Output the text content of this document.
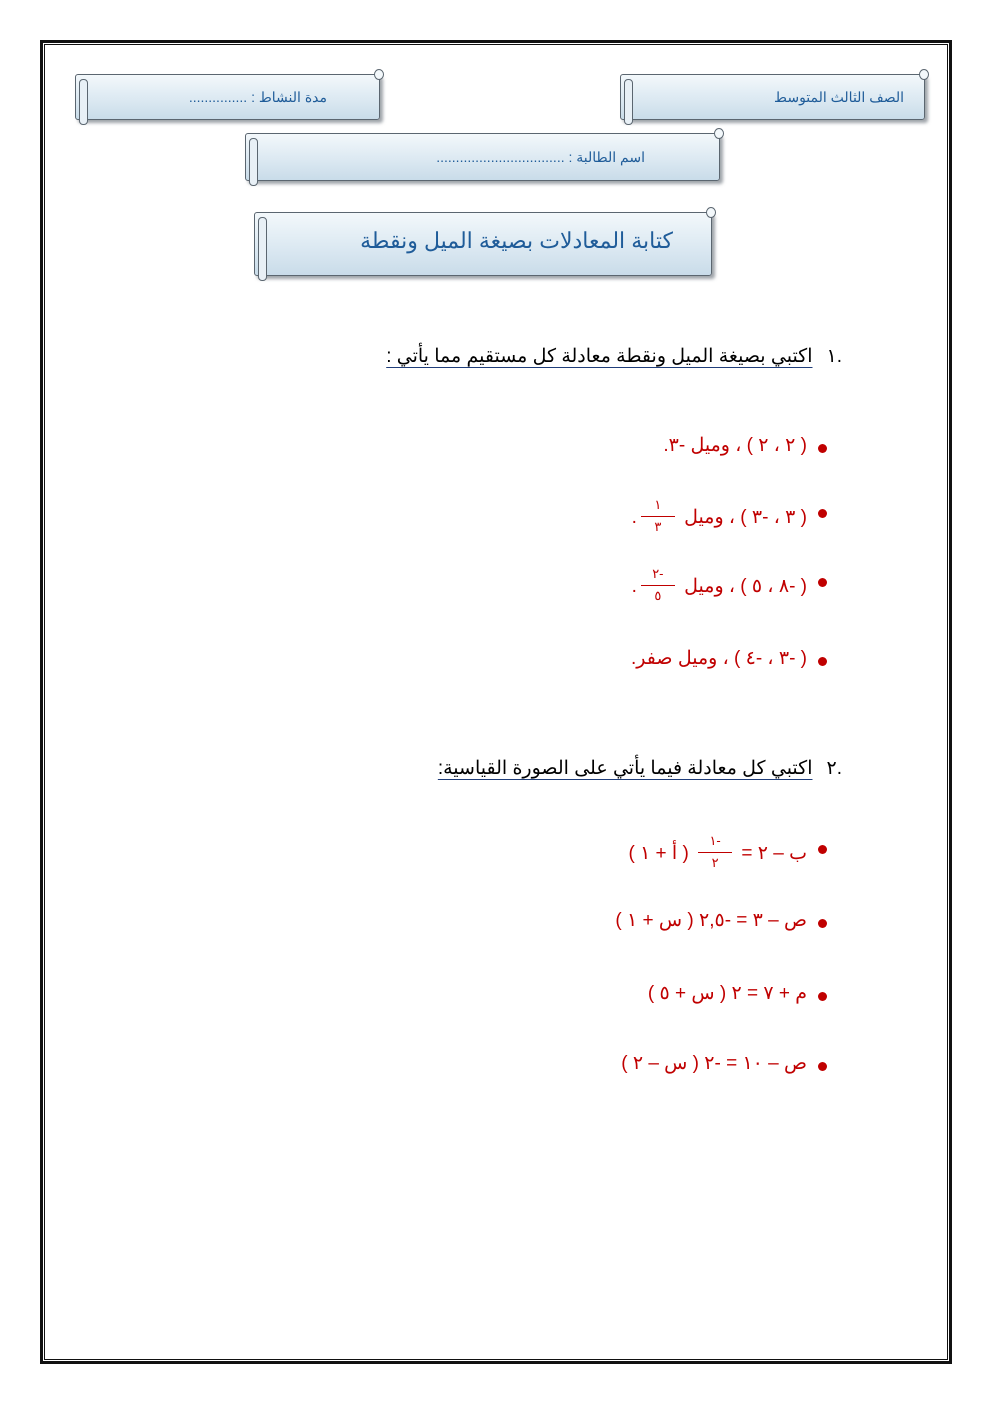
الصف الثالث المتوسط
مدة النشاط : ...............
اسم الطالبة : .................................
كتابة المعادلات بصيغة الميل ونقطة
.١اكتبي بصيغة الميل ونقطة معادلة كل مستقيم مما يأتي :
( ٢ ، ٢ ) ، وميل -٣.
( ٣ ، -٣ ) ، وميل
$\frac{١}{٣}$
.
( -٨ ، ٥ ) ، وميل
$\frac{-٢}{٥}$
.
( -٣ ، -٤ ) ، وميل صفر.
.٢اكتبي كل معادلة فيما يأتي على الصورة القياسية:
ب – ٢ =
$\frac{-١}{٢}$
( أ + ١ )
ص – ٣ = -٢,٥ ( س + ١ )
م + ٧ = ٢ ( س + ٥ )
ص – ١٠ = -٢ ( س – ٢ )
